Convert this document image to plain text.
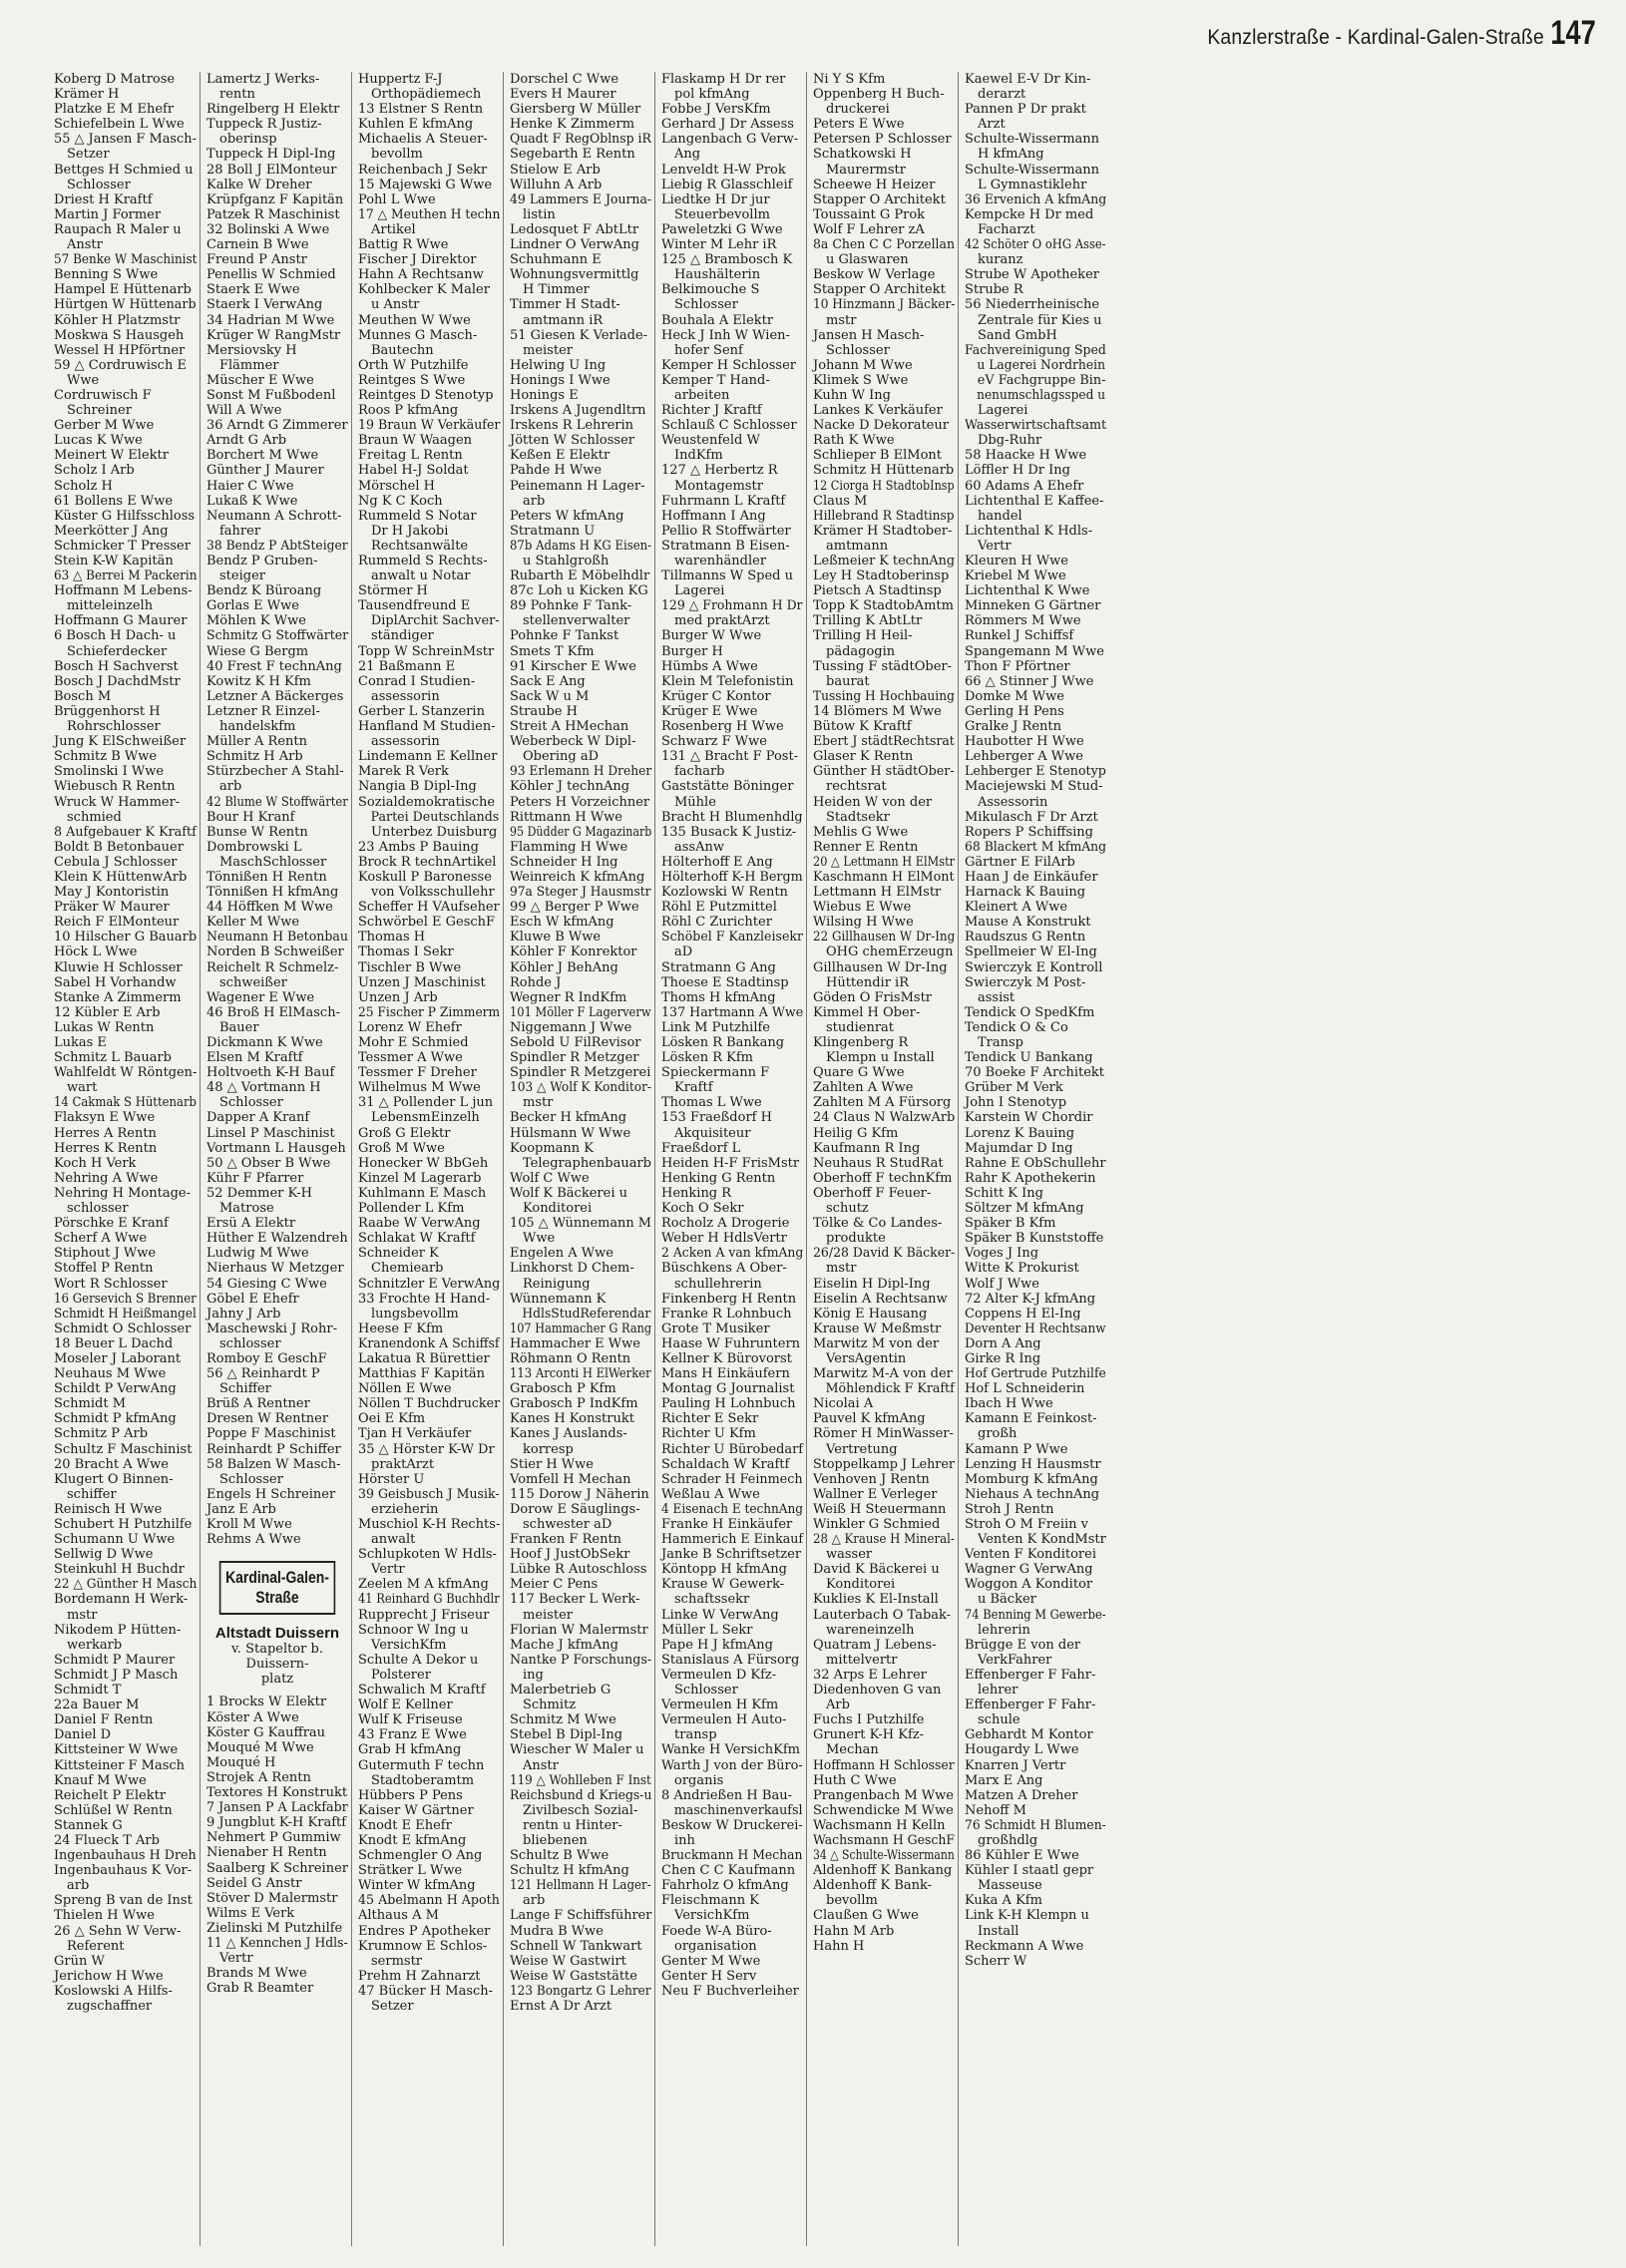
Kanzlerstraße - Kardinal-Galen-Straße 147
Koberg D Matrose
Krämer H
Platzke E M Ehefr
Schiefelbein L Wwe
55 △ Jansen F Masch-
Setzer
Bettges H Schmied u
Schlosser
Driest H Kraftf
Martin J Former
Raupach R Maler u
Anstr
57 Benke W Maschinist
Benning S Wwe
Hampel E Hüttenarb
Hürtgen W Hüttenarb
Köhler H Platzmstr
Moskwa S Hausgeh
Wessel H HPförtner
59 △ Cordruwisch E
Wwe
Cordruwisch F
Schreiner
Gerber M Wwe
Lucas K Wwe
Meinert W Elektr
Scholz I Arb
Scholz H
61 Bollens E Wwe
Küster G Hilfsschloss
Meerkötter J Ang
Schmicker T Presser
Stein K-W Kapitän
63 △ Berrei M Packerin
Hoffmann M Lebens-
mitteleinzelh
Hoffmann G Maurer
6 Bosch H Dach- u
Schieferdecker
Bosch H Sachverst
Bosch J DachdMstr
Bosch M
Brüggenhorst H
Rohrschlosser
Jung K ElSchweißer
Schmitz B Wwe
Smolinski I Wwe
Wiebusch R Rentn
Wruck W Hammer-
schmied
8 Aufgebauer K Kraftf
Boldt B Betonbauer
Cebula J Schlosser
Klein K HüttenwArb
May J Kontoristin
Präker W Maurer
Reich F ElMonteur
10 Hilscher G Bauarb
Höck L Wwe
Kluwie H Schlosser
Sabel H Vorhandw
Stanke A Zimmerm
12 Kübler E Arb
Lukas W Rentn
Lukas E
Schmitz L Bauarb
Wahlfeldt W Röntgen-
wart
14 Cakmak S Hüttenarb
Flaksyn E Wwe
Herres A Rentn
Herres K Rentn
Koch H Verk
Nehring A Wwe
Nehring H Montage-
schlosser
Pörschke E Kranf
Scherf A Wwe
Stiphout J Wwe
Stoffel P Rentn
Wort R Schlosser
16 Gersevich S Brenner
Schmidt H Heißmangel
Schmidt O Schlosser
18 Beuer L Dachd
Moseler J Laborant
Neuhaus M Wwe
Schildt P VerwAng
Schmidt M
Schmidt P kfmAng
Schmitz P Arb
Schultz F Maschinist
20 Bracht A Wwe
Klugert O Binnen-
schiffer
Reinisch H Wwe
Schubert H Putzhilfe
Schumann U Wwe
Sellwig D Wwe
Steinkuhl H Buchdr
22 △ Günther H Masch
Bordemann H Werk-
mstr
Nikodem P Hütten-
werkarb
Schmidt P Maurer
Schmidt J P Masch
Schmidt T
22a Bauer M
Daniel F Rentn
Daniel D
Kittsteiner W Wwe
Kittsteiner F Masch
Knauf M Wwe
Reichelt P Elektr
Schlüßel W Rentn
Stannek G
24 Flueck T Arb
Ingenbauhaus H Dreh
Ingenbauhaus K Vor-
arb
Spreng B van de Inst
Thielen H Wwe
26 △ Sehn W Verw-
Referent
Grün W
Jerichow H Wwe
Koslowski A Hilfs-
zugschaffner
Lamertz J Werks-
rentn
Ringelberg H Elektr
Tuppeck R Justiz-
oberinsp
Tuppeck H Dipl-Ing
28 Boll J ElMonteur
Kalke W Dreher
Krüpfganz F Kapitän
Patzek R Maschinist
32 Bolinski A Wwe
Carnein B Wwe
Freund P Anstr
Penellis W Schmied
Staerk E Wwe
Staerk I VerwAng
34 Hadrian M Wwe
Krüger W RangMstr
Mersiovsky H
Flämmer
Müscher E Wwe
Sonst M Fußbodenl
Will A Wwe
36 Arndt G Zimmerer
Arndt G Arb
Borchert M Wwe
Günther J Maurer
Haier C Wwe
Lukaß K Wwe
Neumann A Schrott-
fahrer
38 Bendz P AbtSteiger
Bendz P Gruben-
steiger
Bendz K Büroang
Gorlas E Wwe
Möhlen K Wwe
Schmitz G Stoffwärter
Wiese G Bergm
40 Frest F technAng
Kowitz K H Kfm
Letzner A Bäckerges
Letzner R Einzel-
handelskfm
Müller A Rentn
Schmitz H Arb
Stürzbecher A Stahl-
arb
42 Blume W Stoffwärter
Bour H Kranf
Bunse W Rentn
Dombrowski L
MaschSchlosser
Tönnißen H Rentn
Tönnißen H kfmAng
44 Höffken M Wwe
Keller M Wwe
Neumann H Betonbau
Norden B Schweißer
Reichelt R Schmelz-
schweißer
Wagener E Wwe
46 Broß H ElMasch-
Bauer
Dickmann K Wwe
Elsen M Kraftf
Holtvoeth K-H Bauf
48 △ Vortmann H
Schlosser
Dapper A Kranf
Linsel P Maschinist
Vortmann L Hausgeh
50 △ Obser B Wwe
Kühr F Pfarrer
52 Demmer K-H
Matrose
Ersü A Elektr
Hüther E Walzendreh
Ludwig M Wwe
Nierhaus W Metzger
54 Giesing C Wwe
Göbel E Ehefr
Jahny J Arb
Maschewski J Rohr-
schlosser
Romboy E GeschF
56 △ Reinhardt P
Schiffer
Brüß A Rentner
Dresen W Rentner
Poppe F Maschinist
Reinhardt P Schiffer
58 Balzen W Masch-
Schlosser
Engels H Schreiner
Janz E Arb
Kroll M Wwe
Rehms A Wwe
Kardinal-Galen-Straße
Altstadt Duissern
v. Stapeltor b. Duissern-
platz
1 Brocks W Elektr
Köster A Wwe
Köster G Kauffrau
Mouqué M Wwe
Mouqué H
Strojek A Rentn
Textores H Konstrukt
7 Jansen P A Lackfabr
9 Jungblut K-H Kraftf
Nehmert P Gummiw
Nienaber H Rentn
Saalberg K Schreiner
Seidel G Anstr
Stöver D Malermstr
Wilms E Verk
Zielinski M Putzhilfe
11 △ Kennchen J Hdls-
Vertr
Brands M Wwe
Grab R Beamter
Huppertz F-J
Orthopädiemech
13 Elstner S Rentn
Kuhlen E kfmAng
Michaelis A Steuer-
bevollm
Reichenbach J Sekr
15 Majewski G Wwe
Pohl L Wwe
17 △ Meuthen H techn
Artikel
Battig R Wwe
Fischer J Direktor
Hahn A Rechtsanw
Kohlbecker K Maler
u Anstr
Meuthen W Wwe
Munnes G Masch-
Bautechn
Orth W Putzhilfe
Reintges S Wwe
Reintges D Stenotyp
Roos P kfmAng
19 Braun W Verkäufer
Braun W Waagen
Freitag L Rentn
Habel H-J Soldat
Mörschel H
Ng K C Koch
Rummeld S Notar
Dr H Jakobi
Rechtsanwälte
Rummeld S Rechts-
anwalt u Notar
Störmer H
Tausendfreund E
DiplArchit Sachver-
ständiger
Topp W SchreinMstr
21 Baßmann E
Conrad I Studien-
assessorin
Gerber L Stanzerin
Hanfland M Studien-
assessorin
Lindemann E Kellner
Marek R Verk
Nangia B Dipl-Ing
Sozialdemokratische
Partei Deutschlands
Unterbez Duisburg
23 Ambs P Bauing
Brock R technArtikel
Koskull P Baronesse
von Volksschullehr
Scheffer H VAufseher
Schwörbel E GeschF
Thomas H
Thomas I Sekr
Tischler B Wwe
Unzen J Maschinist
Unzen J Arb
25 Fischer P Zimmerm
Lorenz W Ehefr
Mohr E Schmied
Tessmer A Wwe
Tessmer F Dreher
Wilhelmus M Wwe
31 △ Pollender L jun
LebensmEinzelh
Groß G Elektr
Groß M Wwe
Honecker W BbGeh
Kinzel M Lagerarb
Kuhlmann E Masch
Pollender L Kfm
Raabe W VerwAng
Schlakat W Kraftf
Schneider K
Chemiearb
Schnitzler E VerwAng
33 Frochte H Hand-
lungsbevollm
Heese F Kfm
Kranendonk A Schiffsf
Lakatua R Bürettier
Matthias F Kapitän
Nöllen E Wwe
Nöllen T Buchdrucker
Oei E Kfm
Tjan H Verkäufer
35 △ Hörster K-W Dr
praktArzt
Hörster U
39 Geisbusch J Musik-
erzieherin
Muschiol K-H Rechts-
anwalt
Schlupkoten W Hdls-
Vertr
Zeelen M A kfmAng
41 Reinhard G Buchhdlr
Rupprecht J Friseur
Schnoor W Ing u
VersichKfm
Schulte A Dekor u
Polsterer
Schwalich M Kraftf
Wolf E Kellner
Wulf K Friseuse
43 Franz E Wwe
Grab H kfmAng
Gutermuth F techn
Stadtoberamtm
Hübbers P Pens
Kaiser W Gärtner
Knodt E Ehefr
Knodt E kfmAng
Schmengler O Ang
Strätker L Wwe
Winter W kfmAng
45 Abelmann H Apoth
Althaus A M
Endres P Apotheker
Krumnow E Schlos-
sermstr
Prehm H Zahnarzt
47 Bücker H Masch-
Setzer
Dorschel C Wwe
Evers H Maurer
Giersberg W Müller
Henke K Zimmerm
Quadt F RegOblnsp iR
Segebarth E Rentn
Stielow E Arb
Willuhn A Arb
49 Lammers E Journa-
listin
Ledosquet F AbtLtr
Lindner O VerwAng
Schuhmann E
Wohnungsvermittlg
H Timmer
Timmer H Stadt-
amtmann iR
51 Giesen K Verlade-
meister
Helwing U Ing
Honings I Wwe
Honings E
Irskens A Jugendltrn
Irskens R Lehrerin
Jötten W Schlosser
Keßen E Elektr
Pahde H Wwe
Peinemann H Lager-
arb
Peters W kfmAng
Stratmann U
87b Adams H KG Eisen-
u Stahlgroßh
Rubarth E Möbelhdlr
87c Loh u Kicken KG
89 Pohnke F Tank-
stellenverwalter
Pohnke F Tankst
Smets T Kfm
91 Kirscher E Wwe
Sack E Ang
Sack W u M
Straube H
Streit A HMechan
Weberbeck W Dipl-
Obering aD
93 Erlemann H Dreher
Köhler J technAng
Peters H Vorzeichner
Rittmann H Wwe
95 Düdder G Magazinarb
Flamming H Wwe
Schneider H Ing
Weinreich K kfmAng
97a Steger J Hausmstr
99 △ Berger P Wwe
Esch W kfmAng
Kluwe B Wwe
Köhler F Konrektor
Köhler J BehAng
Rohde J
Wegner R IndKfm
101 Möller F Lagerverw
Niggemann J Wwe
Sebold U FilRevisor
Spindler R Metzger
Spindler R Metzgerei
103 △ Wolf K Konditor-
mstr
Becker H kfmAng
Hülsmann W Wwe
Koopmann K
Telegraphenbauarb
Wolf C Wwe
Wolf K Bäckerei u
Konditorei
105 △ Wünnemann M
Wwe
Engelen A Wwe
Linkhorst D Chem-
Reinigung
Wünnemann K
HdlsStudReferendar
107 Hammacher G Rang
Hammacher E Wwe
Röhmann O Rentn
113 Arconti H ElWerker
Grabosch P Kfm
Grabosch P IndKfm
Kanes H Konstrukt
Kanes J Auslands-
korresp
Stier H Wwe
Vomfell H Mechan
115 Dorow J Näherin
Dorow E Säuglings-
schwester aD
Franken F Rentn
Hoof J JustObSekr
Lübke R Autoschloss
Meier C Pens
117 Becker L Werk-
meister
Florian W Malermstr
Mache J kfmAng
Nantke P Forschungs-
ing
Malerbetrieb G
Schmitz
Schmitz M Wwe
Stebel B Dipl-Ing
Wiescher W Maler u
Anstr
119 △ Wohlleben F Inst
Reichsbund d Kriegs-u
Zivilbesch Sozial-
rentn u Hinter-
bliebenen
Schultz B Wwe
Schultz H kfmAng
121 Hellmann H Lager-
arb
Lange F Schiffsführer
Mudra B Wwe
Schnell W Tankwart
Weise W Gastwirt
Weise W Gaststätte
123 Bongartz G Lehrer
Ernst A Dr Arzt
Flaskamp H Dr rer
pol kfmAng
Fobbe J VersKfm
Gerhard J Dr Assess
Langenbach G Verw-
Ang
Lenveldt H-W Prok
Liebig R Glasschleif
Liedtke H Dr jur
Steuerbevollm
Paweletzki G Wwe
Winter M Lehr iR
125 △ Brambosch K
Haushälterin
Belkimouche S
Schlosser
Bouhala A Elektr
Heck J Inh W Wien-
hofer Senf
Kemper H Schlosser
Kemper T Hand-
arbeiten
Richter J Kraftf
Schlauß C Schlosser
Weustenfeld W
IndKfm
127 △ Herbertz R
Montagemstr
Fuhrmann L Kraftf
Hoffmann I Ang
Pellio R Stoffwärter
Stratmann B Eisen-
warenhändler
Tillmanns W Sped u
Lagerei
129 △ Frohmann H Dr
med praktArzt
Burger W Wwe
Burger H
Hümbs A Wwe
Klein M Telefonistin
Krüger C Kontor
Krüger E Wwe
Rosenberg H Wwe
Schwarz F Wwe
131 △ Bracht F Post-
facharb
Gaststätte Böninger
Mühle
Bracht H Blumenhdlg
135 Busack K Justiz-
assAnw
Hölterhoff E Ang
Hölterhoff K-H Bergm
Kozlowski W Rentn
Röhl E Putzmittel
Röhl C Zurichter
Schöbel F Kanzleisekr
aD
Stratmann G Ang
Thoese E Stadtinsp
Thoms H kfmAng
137 Hartmann A Wwe
Link M Putzhilfe
Lösken R Bankang
Lösken R Kfm
Spieckermann F
Kraftf
Thomas L Wwe
153 Fraeßdorf H
Akquisiteur
Fraeßdorf L
Heiden H-F FrisMstr
Henking G Rentn
Henking R
Koch O Sekr
Rocholz A Drogerie
Weber H HdlsVertr
2 Acken A van kfmAng
Büschkens A Ober-
schullehrerin
Finkenberg H Rentn
Franke R Lohnbuch
Grote T Musiker
Haase W Fuhruntern
Kellner K Bürovorst
Mans H Einkäufern
Montag G Journalist
Pauling H Lohnbuch
Richter E Sekr
Richter U Kfm
Richter U Bürobedarf
Schaldach W Kraftf
Schrader H Feinmech
Weßlau A Wwe
4 Eisenach E technAng
Franke H Einkäufer
Hammerich E Einkauf
Janke B Schriftsetzer
Köntopp H kfmAng
Krause W Gewerk-
schaftssekr
Linke W VerwAng
Müller L Sekr
Pape H J kfmAng
Stanislaus A Fürsorg
Vermeulen D Kfz-
Schlosser
Vermeulen H Kfm
Vermeulen H Auto-
transp
Wanke H VersichKfm
Warth J von der Büro-
organis
8 Andrießen H Bau-
maschinenverkaufsl
Beskow W Druckerei-
inh
Bruckmann H Mechan
Chen C C Kaufmann
Fahrholz O kfmAng
Fleischmann K
VersichKfm
Foede W-A Büro-
organisation
Genter M Wwe
Genter H Serv
Neu F Buchverleiher
Ni Y S Kfm
Oppenberg H Buch-
druckerei
Peters E Wwe
Petersen P Schlosser
Schatkowski H
Maurermstr
Scheewe H Heizer
Stapper O Architekt
Toussaint G Prok
Wolf F Lehrer zA
8a Chen C C Porzellan
u Glaswaren
Beskow W Verlage
Stapper O Architekt
10 Hinzmann J Bäcker-
mstr
Jansen H Masch-
Schlosser
Johann M Wwe
Klimek S Wwe
Kuhn W Ing
Lankes K Verkäufer
Nacke D Dekorateur
Rath K Wwe
Schlieper B ElMont
Schmitz H Hüttenarb
12 Ciorga H StadtobInsp
Claus M
Hillebrand R Stadtinsp
Krämer H Stadtober-
amtmann
Leßmeier K technAng
Ley H Stadtoberinsp
Pietsch A Stadtinsp
Topp K StadtobAmtm
Trilling K AbtLtr
Trilling H Heil-
pädagogin
Tussing F städtOber-
baurat
Tussing H Hochbauing
14 Blömers M Wwe
Bütow K Kraftf
Ebert J städtRechtsrat
Glaser K Rentn
Günther H städtOber-
rechtsrat
Heiden W von der
Stadtsekr
Mehlis G Wwe
Renner E Rentn
20 △ Lettmann H ElMstr
Kaschmann H ElMont
Lettmann H ElMstr
Wiebus E Wwe
Wilsing H Wwe
22 Gillhausen W Dr-Ing
OHG chemErzeugn
Gillhausen W Dr-Ing
Hüttendir iR
Göden O FrisMstr
Kimmel H Ober-
studienrat
Klingenberg R
Klempn u Install
Quare G Wwe
Zahlten A Wwe
Zahlten M A Fürsorg
24 Claus N WalzwArb
Heilig G Kfm
Kaufmann R Ing
Neuhaus R StudRat
Oberhoff F technKfm
Oberhoff F Feuer-
schutz
Tölke & Co Landes-
produkte
26/28 David K Bäcker-
mstr
Eiselin H Dipl-Ing
Eiselin A Rechtsanw
König E Hausang
Krause W Meßmstr
Marwitz M von der
VersAgentin
Marwitz M-A von der
Möhlendick F Kraftf
Nicolai A
Pauvel K kfmAng
Römer H MinWasser-
Vertretung
Stoppelkamp J Lehrer
Venhoven J Rentn
Wallner E Verleger
Weiß H Steuermann
Winkler G Schmied
28 △ Krause H Mineral-
wasser
David K Bäckerei u
Konditorei
Kuklies K El-Install
Lauterbach O Tabak-
wareneinzelh
Quatram J Lebens-
mittelvertr
32 Arps E Lehrer
Diedenhoven G van
Arb
Fuchs I Putzhilfe
Grunert K-H Kfz-
Mechan
Hoffmann H Schlosser
Huth C Wwe
Prangenbach M Wwe
Schwendicke M Wwe
Wachsmann H Kelln
Wachsmann H GeschF
34 △ Schulte-Wissermann
Aldenhoff K Bankang
Aldenhoff K Bank-
bevollm
Claußen G Wwe
Hahn M Arb
Hahn H
Kaewel E-V Dr Kin-
derarzt
Pannen P Dr prakt
Arzt
Schulte-Wissermann
H kfmAng
Schulte-Wissermann
L Gymnastiklehr
36 Ervenich A kfmAng
Kempcke H Dr med
Facharzt
42 Schöter O oHG Asse-
kuranz
Strube W Apotheker
Strube R
56 Niederrheinische
Zentrale für Kies u
Sand GmbH
Fachvereinigung Sped
u Lagerei Nordrhein
eV Fachgruppe Bin-
nenumschlagssped u
Lagerei
Wasserwirtschaftsamt
Dbg-Ruhr
58 Haacke H Wwe
Löffler H Dr Ing
60 Adams A Ehefr
Lichtenthal E Kaffee-
handel
Lichtenthal K Hdls-
Vertr
Kleuren H Wwe
Kriebel M Wwe
Lichtenthal K Wwe
Minneken G Gärtner
Römmers M Wwe
Runkel J Schiffsf
Spangemann M Wwe
Thon F Pförtner
66 △ Stinner J Wwe
Domke M Wwe
Gerling H Pens
Gralke J Rentn
Haubotter H Wwe
Lehberger A Wwe
Lehberger E Stenotyp
Maciejewski M Stud-
Assessorin
Mikulasch F Dr Arzt
Ropers P Schiffsing
68 Blackert M kfmAng
Gärtner E FilArb
Haan J de Einkäufer
Harnack K Bauing
Kleinert A Wwe
Mause A Konstrukt
Raudszus G Rentn
Spellmeier W El-Ing
Swierczyk E Kontroll
Swierczyk M Post-
assist
Tendick O SpedKfm
Tendick O & Co
Transp
Tendick U Bankang
70 Boeke F Architekt
Grüber M Verk
John I Stenotyp
Karstein W Chordir
Lorenz K Bauing
Majumdar D Ing
Rahne E ObSchullehr
Rahr K Apothekerin
Schitt K Ing
Söltzer M kfmAng
Späker B Kfm
Späker B Kunststoffe
Voges J Ing
Witte K Prokurist
Wolf J Wwe
72 Alter K-J kfmAng
Coppens H El-Ing
Deventer H Rechtsanw
Dorn A Ang
Girke R Ing
Hof Gertrude Putzhilfe
Hof L Schneiderin
Ibach H Wwe
Kamann E Feinkost-
großh
Kamann P Wwe
Lenzing H Hausmstr
Momburg K kfmAng
Niehaus A technAng
Stroh J Rentn
Stroh O M Freiin v
Venten K KondMstr
Venten F Konditorei
Wagner G VerwAng
Woggon A Konditor
u Bäcker
74 Benning M Gewerbe-
lehrerin
Brügge E von der
VerkFahrer
Effenberger F Fahr-
lehrer
Effenberger F Fahr-
schule
Gebhardt M Kontor
Hougardy L Wwe
Knarren J Vertr
Marx E Ang
Matzen A Dreher
Nehoff M
76 Schmidt H Blumen-
großhdlg
86 Kühler E Wwe
Kühler I staatl gepr
Masseuse
Kuka A Kfm
Link K-H Klempn u
Install
Reckmann A Wwe
Scherr W
